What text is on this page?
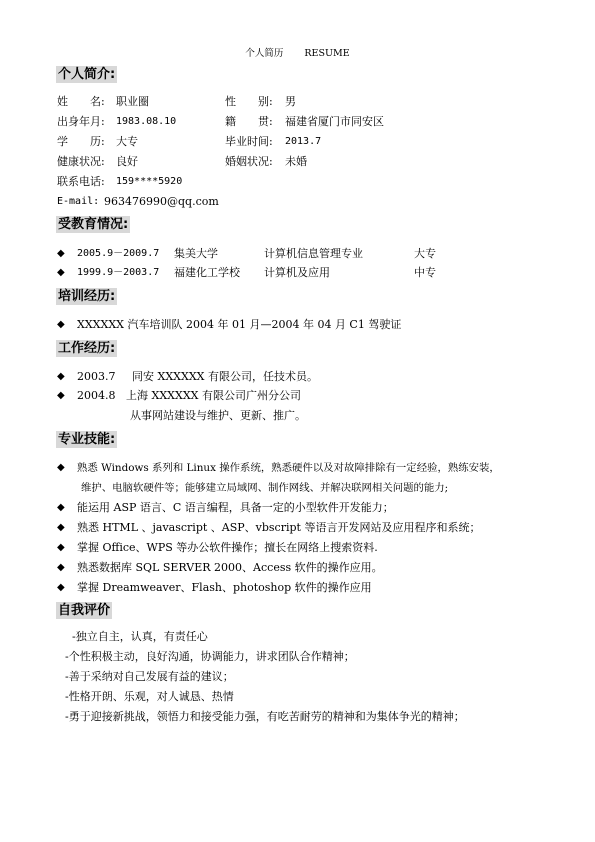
个人简历 RESUME
个人简介:
姓　　名: 职业圈	性　　别: 男
出身年月: 1983.08.10	籍　　贯: 福建省厦门市同安区
学　　历: 大专	毕业时间: 2013.7
健康状况: 良好	婚姻状况: 未婚
联系电话: 159****5920
E-mail: 963476990@qq.com
受教育情况:
◆ 2005.9－2009.7 集美大学	计算机信息管理专业	大专
◆ 1999.9－2003.7 福建化工学校 计算机及应用	中专
培训经历:
◆ XXXXXX 汽车培训队 2004 年 01 月—2004 年 04 月 C1 驾驶证
工作经历:
◆ 2003.7 同安 XXXXXX 有限公司，任技术员。
◆ 2004.8 上海 XXXXXX 有限公司广州分公司
从事网站建设与维护、更新、推广。
专业技能:
◆ 熟悉 Windows 系列和 Linux 操作系统，熟悉硬件以及对故障排除有一定经验，熟练安装，
维护、电脑软硬件等；能够建立局域网、制作网线、并解决联网相关问题的能力;
◆ 能运用 ASP 语言、C 语言编程，具备一定的小型软件开发能力；
◆ 熟悉 HTML 、javascript 、ASP、vbscript 等语言开发网站及应用程序和系统；
◆ 掌握 Office、WPS 等办公软件操作；擅长在网络上搜索资料.
◆ 熟悉数据库 SQL SERVER 2000、Access 软件的操作应用。
◆ 掌握 Dreamweaver、Flash、photoshop 软件的操作应用
自我评价
-独立自主，认真，有责任心
-个性积极主动，良好沟通，协调能力，讲求团队合作精神；
-善于采纳对自己发展有益的建议；
-性格开朗、乐观，对人诚恳、热情
-勇于迎接新挑战，领悟力和接受能力强，有吃苦耐劳的精神和为集体争光的精神；
